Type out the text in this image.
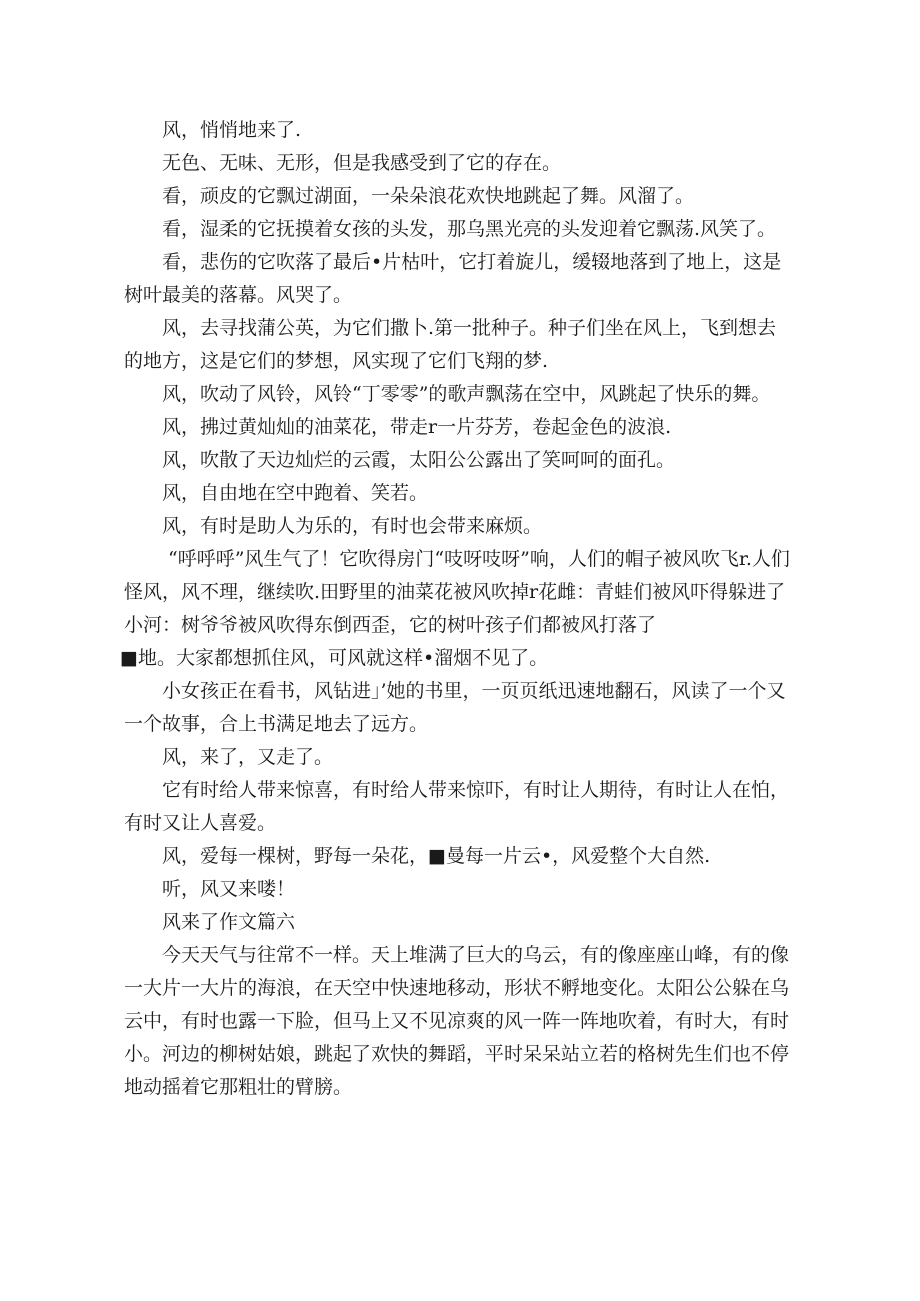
风，悄悄地来了.

无色、无味、无形，但是我感受到了它的存在。

看，顽皮的它飘过湖面，一朵朵浪花欢快地跳起了舞。风溜了。

看，湿柔的它抚摸着女孩的头发，那乌黑光亮的头发迎着它飘荡.风笑了。

看，悲伤的它吹落了最后•片枯叶，它打着旋儿，缓辍地落到了地上，这是树叶最美的落幕。风哭了。

风，去寻找蒲公英，为它们撒卜.第一批种子。种子们坐在风上，飞到想去的地方，这是它们的梦想，风实现了它们飞翔的梦.

风，吹动了风铃，风铃“丁零零”的歌声飘荡在空中，风跳起了快乐的舞。

风，拂过黄灿灿的油菜花，带走r一片芬芳，卷起金色的波浪.

风，吹散了天边灿烂的云霞，太阳公公露出了笑呵呵的面孔。

风，自由地在空中跑着、笑若。

风，有时是助人为乐的，有时也会带来麻烦。

“呼呼呼”风生气了！它吹得房门“吱呀吱呀”响，人们的帽子被风吹飞r.人们怪风，风不理，继续吹.田野里的油菜花被风吹掉r花雌：青蛙们被风吓得躲进了小河：树爷爷被风吹得东倒西歪，它的树叶孩子们都被风打落了

■地。大家都想抓住风，可风就这样•溜烟不见了。

小女孩正在看书，风钻进」’她的书里，一页页纸迅速地翻石，风读了一个又一个故事，合上书满足地去了远方。

风，来了，又走了。

它有时给人带来惊喜，有时给人带来惊吓，有时让人期待，有时让人在怕，有时又让人喜爱。

风，爱每一棵树，野每一朵花，■曼每一片云•，风爱整个大自然.

听，风又来喽！

风来了作文篇六

今天天气与往常不一样。天上堆满了巨大的乌云，有的像座座山峰，有的像一大片一大片的海浪，在天空中快速地移动，形状不孵地变化。太阳公公躲在乌云中，有时也露一下脸，但马上又不见凉爽的风一阵一阵地吹着，有时大，有时小。河边的柳树姑娘，跳起了欢快的舞蹈，平时呆呆站立若的格树先生们也不停地动摇着它那粗壮的臂膀。
